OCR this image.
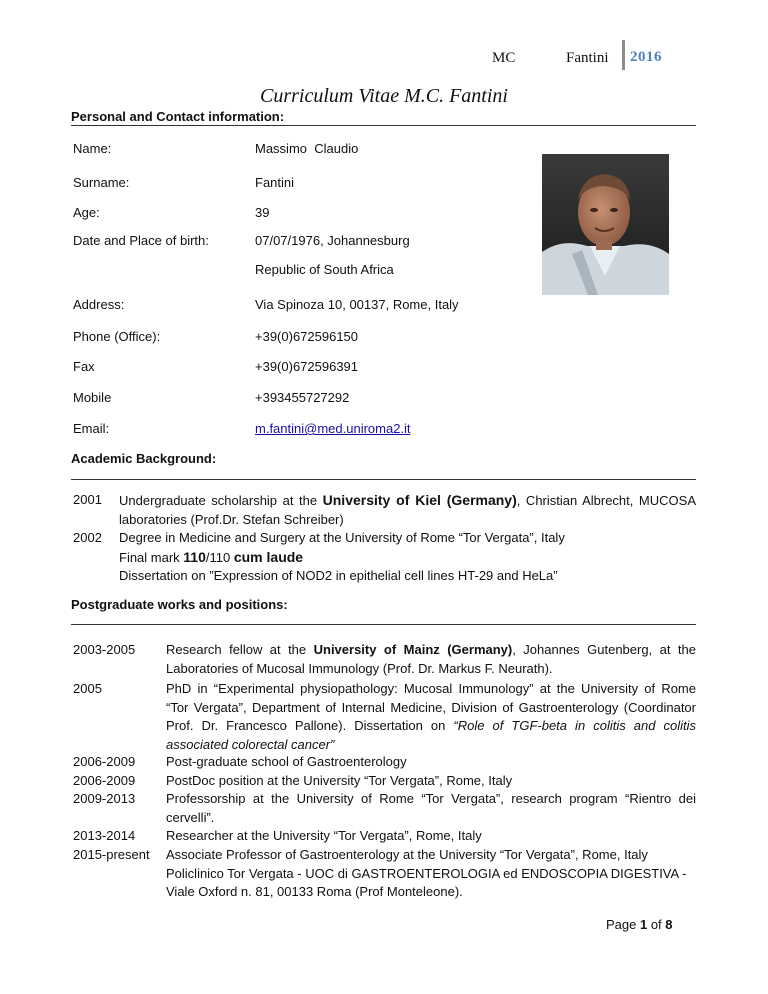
MC	Fantini 2016
Curriculum Vitae M.C. Fantini
Personal and Contact information:
Name:	Massimo  Claudio
Surname:	Fantini
Age:	39
Date and Place of birth:	07/07/1976, Johannesburg
Republic of South Africa
Address:	Via Spinoza 10, 00137, Rome, Italy
Phone (Office):	+39(0)672596150
Fax	+39(0)672596391
Mobile	+393455727292
Email:	m.fantini@med.uniroma2.it
Academic Background:
2001 Undergraduate scholarship at the University of Kiel (Germany), Christian Albrecht, MUCOSA laboratories (Prof.Dr. Stefan Schreiber)
2002 Degree in Medicine and Surgery at the University of Rome “Tor Vergata”, Italy
Final mark 110/110 cum laude
Dissertation on ”Expression of NOD2 in epithelial cell lines HT-29 and HeLa”
Postgraduate works and positions:
2003-2005 Research fellow at the University of Mainz (Germany), Johannes Gutenberg, at the Laboratories of Mucosal Immunology (Prof. Dr. Markus F. Neurath).
2005	PhD in “Experimental physiopathology: Mucosal Immunology” at the University of Rome “Tor Vergata”, Department of Internal Medicine, Division of Gastroenterology (Coordinator Prof. Dr. Francesco Pallone). Dissertation on “Role of TGF-beta in colitis and colitis associated colorectal cancer”
2006-2009 Post-graduate school of Gastroenterology
2006-2009 PostDoc position at the University “Tor Vergata”, Rome, Italy
2009-2013 Professorship at the University of Rome “Tor Vergata”, research program “Rientro dei cervelli”.
2013-2014 Researcher at the University “Tor Vergata”, Rome, Italy
2015-present Associate Professor of Gastroenterology at the University “Tor Vergata”, Rome, Italy
Policlinico Tor Vergata - UOC di GASTROENTEROLOGIA ed ENDOSCOPIA DIGESTIVA - Viale Oxford n. 81, 00133 Roma (Prof Monteleone).
Page 1 of 8
